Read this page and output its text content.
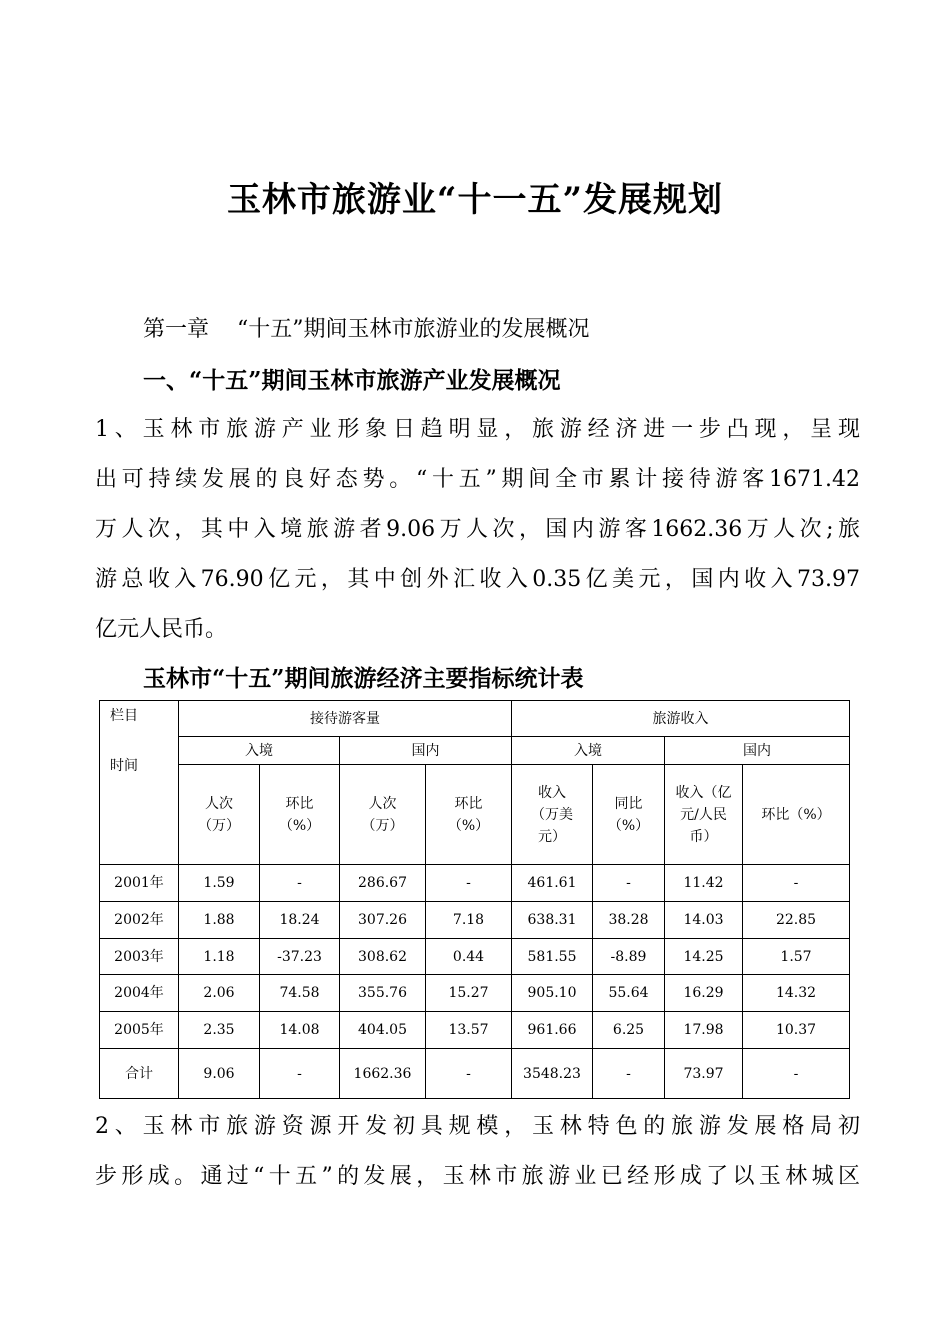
玉林市旅游业“十一五”发展规划
第一章    “十五”期间玉林市旅游业的发展概况
一、“十五”期间玉林市旅游产业发展概况
1、玉林市旅游产业形象日趋明显，旅游经济进一步凸现，呈现
出可持续发展的良好态势。“十五”期间全市累计接待游客1671.42
万人次，其中入境旅游者9.06万人次，国内游客1662.36万人次;旅
游总收入76.90亿元，其中创外汇收入0.35亿美元，国内收入73.97
亿元人民币。
玉林市“十五”期间旅游经济主要指标统计表
栏目
时间	接待游客量				旅游收入			
	入境		国内		入境		国内	
	人次（万）	环比（%）	人次（万）	环比（%）	收入（万美元）	同比（%）	收入（亿元/人民币）	环比（%）
2001年	1.59	-	286.67	-	461.61	-	11.42	-
2002年	1.88	18.24	307.26	7.18	638.31	38.28	14.03	22.85
2003年	1.18	-37.23	308.62	0.44	581.55	-8.89	14.25	1.57
2004年	2.06	74.58	355.76	15.27	905.10	55.64	16.29	14.32
2005年	2.35	14.08	404.05	13.57	961.66	6.25	17.98	10.37
合计	9.06	-	1662.36	-	3548.23	-	73.97	-
2、玉林市旅游资源开发初具规模，玉林特色的旅游发展格局初
步形成。通过“十五”的发展，玉林市旅游业已经形成了以玉林城区
